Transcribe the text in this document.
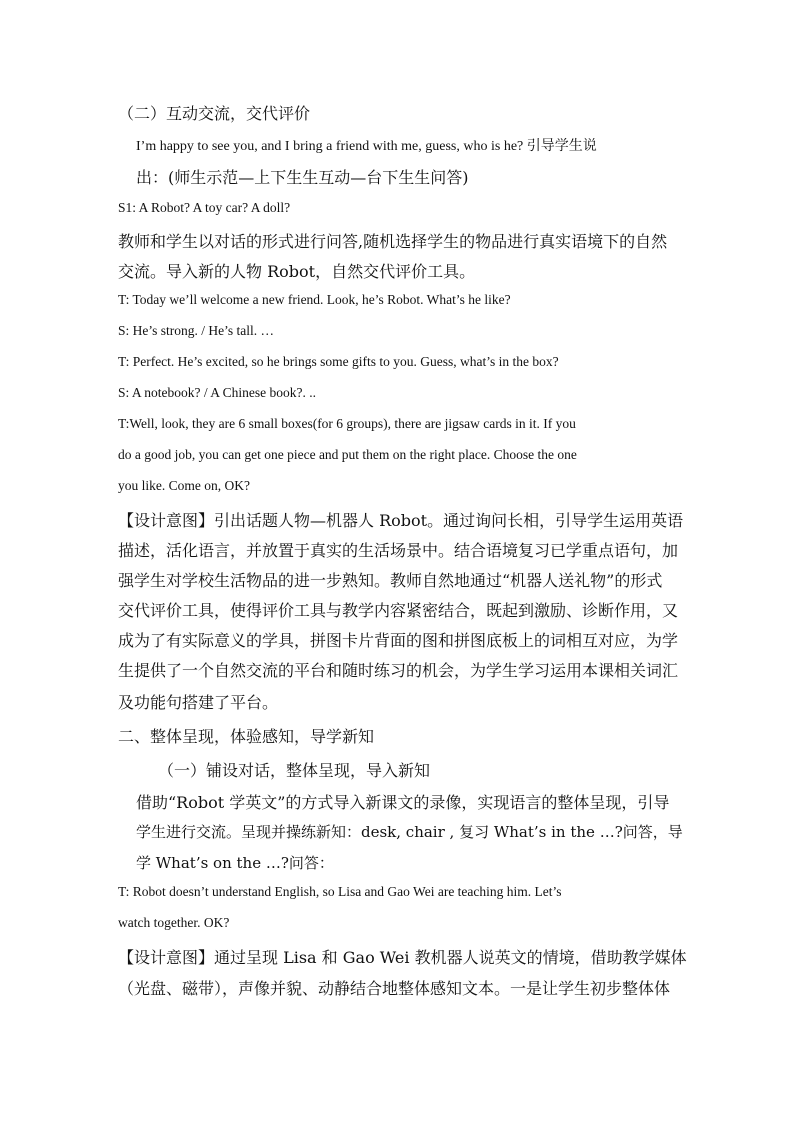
（二）互动交流，交代评价
I’m happy to see you, and I bring a friend with me, guess, who is he? 引导学生说
出：(师生示范—上下生生互动—台下生生问答)
S1: A Robot? A toy car? A doll?
教师和学生以对话的形式进行问答,随机选择学生的物品进行真实语境下的自然
交流。导入新的人物 Robot，自然交代评价工具。
T: Today we’ll welcome a new friend. Look, he’s Robot. What’s he like?
S: He’s strong. / He’s tall. …
T: Perfect. He’s excited, so he brings some gifts to you. Guess, what’s in the box?
S: A notebook? / A Chinese book?. ..
T:Well, look, they are 6 small boxes(for 6 groups), there are jigsaw cards in it. If you
do a good job, you can get one piece and put them on the right place. Choose the one
you like. Come on, OK?
【设计意图】引出话题人物—机器人 Robot。通过询问长相，引导学生运用英语
描述，活化语言，并放置于真实的生活场景中。结合语境复习已学重点语句，加
强学生对学校生活物品的进一步熟知。教师自然地通过“机器人送礼物”的形式
交代评价工具，使得评价工具与教学内容紧密结合，既起到激励、诊断作用，又
成为了有实际意义的学具，拼图卡片背面的图和拼图底板上的词相互对应，为学
生提供了一个自然交流的平台和随时练习的机会，为学生学习运用本课相关词汇
及功能句搭建了平台。
二、整体呈现，体验感知，导学新知
（一）铺设对话，整体呈现，导入新知
借助“Robot 学英文”的方式导入新课文的录像，实现语言的整体呈现，引导
学生进行交流。呈现并操练新知：desk, chair , 复习 What’s in the …?问答，导
学 What’s on the …?问答：
T: Robot doesn’t understand English, so Lisa and Gao Wei are teaching him. Let’s
watch together. OK?
【设计意图】通过呈现 Lisa 和 Gao Wei 教机器人说英文的情境，借助教学媒体
（光盘、磁带），声像并貌、动静结合地整体感知文本。一是让学生初步整体体
